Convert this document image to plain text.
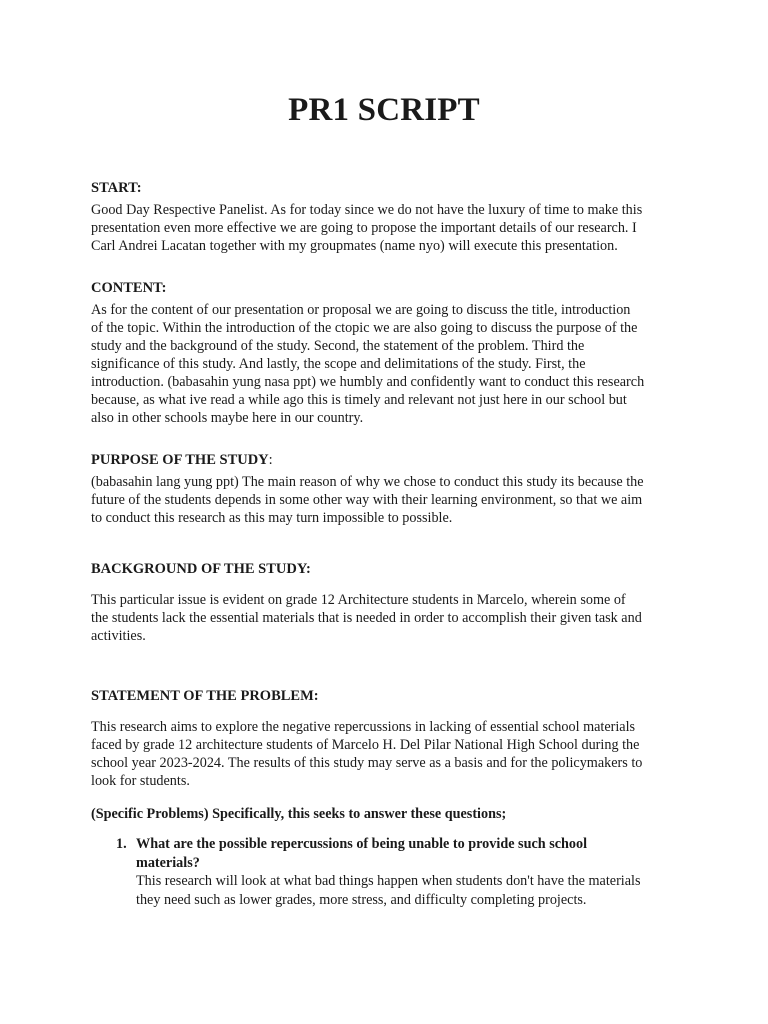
PR1 SCRIPT

START:

Good Day Respective Panelist. As for today since we do not have the luxury of time to make this
presentation even more effective we are going to propose the important details of our research. I
Carl Andrei Lacatan together with my groupmates (name nyo) will execute this presentation.

CONTENT:

As for the content of our presentation or proposal we are going to discuss the title, introduction
of the topic. Within the introduction of the ctopic we are also going to discuss the purpose of the
study and the background of the study. Second, the statement of the problem. Third the
significance of this study. And lastly, the scope and delimitations of the study. First, the
introduction. (babasahin yung nasa ppt) we humbly and confidently want to conduct this research
because, as what ive read a while ago this is timely and relevant not just here in our school but
also in other schools maybe here in our country.

PURPOSE OF THE STUDY:

(babasahin lang yung ppt) The main reason of why we chose to conduct this study its because the
future of the students depends in some other way with their learning environment, so that we aim
to conduct this research as this may turn impossible to possible.

BACKGROUND OF THE STUDY:

This particular issue is evident on grade 12 Architecture students in Marcelo, wherein some of
the students lack the essential materials that is needed in order to accomplish their given task and
activities.

STATEMENT OF THE PROBLEM:

This research aims to explore the negative repercussions in lacking of essential school materials
faced by grade 12 architecture students of Marcelo H. Del Pilar National High School during the
school year 2023-2024. The results of this study may serve as a basis and for the policymakers to
look for students.

(Specific Problems) Specifically, this seeks to answer these questions;

1. What are the possible repercussions of being unable to provide such school
materials?
This research will look at what bad things happen when students don't have the materials
they need such as lower grades, more stress, and difficulty completing projects.
